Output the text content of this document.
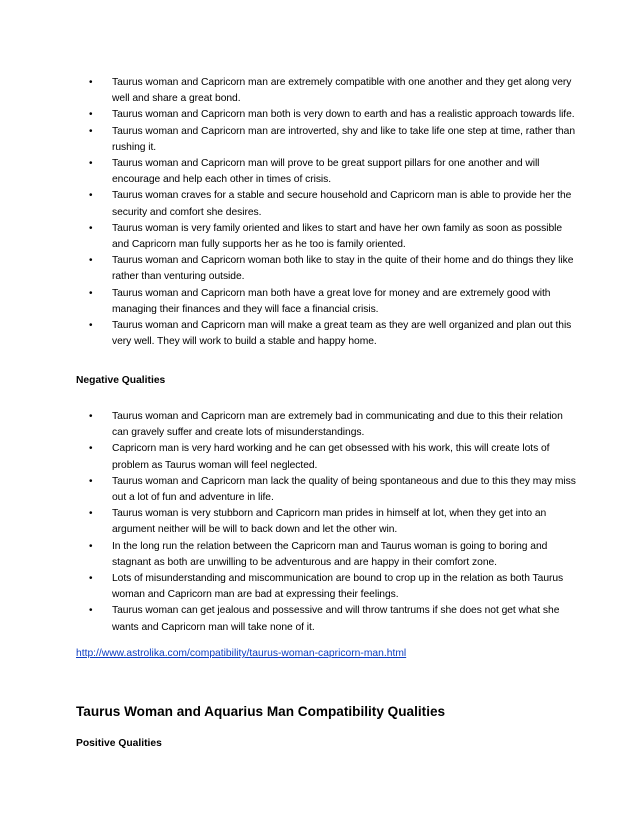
• Taurus woman and Capricorn man are extremely compatible with one another and they get along very well and share a great bond.
• Taurus woman and Capricorn man both is very down to earth and has a realistic approach towards life.
• Taurus woman and Capricorn man are introverted, shy and like to take life one step at time, rather than rushing it.
• Taurus woman and Capricorn man will prove to be great support pillars for one another and will encourage and help each other in times of crisis.
• Taurus woman craves for a stable and secure household and Capricorn man is able to provide her the security and comfort she desires.
• Taurus woman is very family oriented and likes to start and have her own family as soon as possible and Capricorn man fully supports her as he too is family oriented.
• Taurus woman and Capricorn woman both like to stay in the quite of their home and do things they like rather than venturing outside.
• Taurus woman and Capricorn man both have a great love for money and are extremely good with managing their finances and they will face a financial crisis.
• Taurus woman and Capricorn man will make a great team as they are well organized and plan out this very well. They will work to build a stable and happy home.
Negative Qualities
• Taurus woman and Capricorn man are extremely bad in communicating and due to this their relation can gravely suffer and create lots of misunderstandings.
• Capricorn man is very hard working and he can get obsessed with his work, this will create lots of problem as Taurus woman will feel neglected.
• Taurus woman and Capricorn man lack the quality of being spontaneous and due to this they may miss out a lot of fun and adventure in life.
• Taurus woman is very stubborn and Capricorn man prides in himself at lot, when they get into an argument neither will be will to back down and let the other win.
• In the long run the relation between the Capricorn man and Taurus woman is going to boring and stagnant as both are unwilling to be adventurous and are happy in their comfort zone.
• Lots of misunderstanding and miscommunication are bound to crop up in the relation as both Taurus woman and Capricorn man are bad at expressing their feelings.
• Taurus woman can get jealous and possessive and will throw tantrums if she does not get what she wants and Capricorn man will take none of it.
http://www.astrolika.com/compatibility/taurus-woman-capricorn-man.html
Taurus Woman and Aquarius Man Compatibility Qualities
Positive Qualities
